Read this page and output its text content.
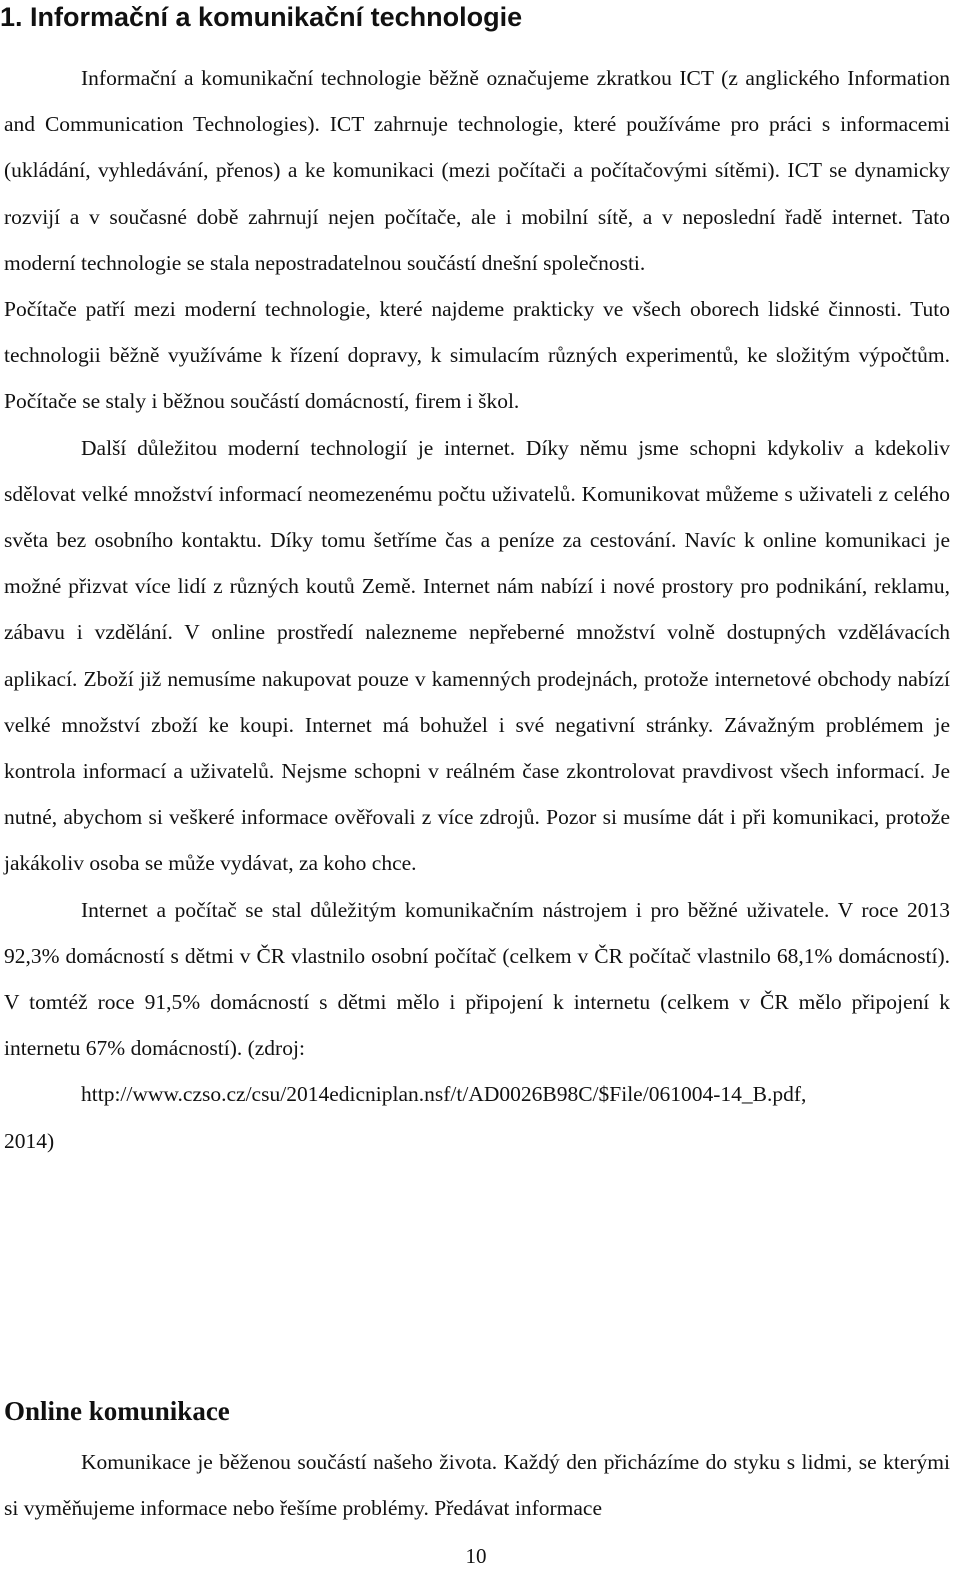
1. Informační a komunikační technologie

Informační a komunikační technologie běžně označujeme zkratkou ICT (z anglického Information and Communication Technologies). ICT zahrnuje technologie, které používáme pro práci s informacemi (ukládání, vyhledávání, přenos) a ke komunikaci (mezi počítači a počítačovými sítěmi). ICT se dynamicky rozvijí a v současné době zahrnují nejen počítače, ale i mobilní sítě, a v neposlední řadě internet. Tato moderní technologie se stala nepostradatelnou součástí dnešní společnosti.

Počítače patří mezi moderní technologie, které najdeme prakticky ve všech oborech lidské činnosti. Tuto technologii běžně využíváme k řízení dopravy, k simulacím různých experimentů, ke složitým výpočtům. Počítače se staly i běžnou součástí domácností, firem i škol.

Další důležitou moderní technologií je internet. Díky němu jsme schopni kdykoliv a kdekoliv sdělovat velké množství informací neomezenému počtu uživatelů. Komunikovat můžeme s uživateli z celého světa bez osobního kontaktu. Díky tomu šetříme čas a peníze za cestování. Navíc k online komunikaci je možné přizvat více lidí z různých koutů Země. Internet nám nabízí i nové prostory pro podnikání, reklamu, zábavu i vzdělání. V online prostředí nalezneme nepřeberné množství volně dostupných vzdělávacích aplikací. Zboží již nemusíme nakupovat pouze v kamenných prodejnách, protože internetové obchody nabízí velké množství zboží ke koupi. Internet má bohužel i své negativní stránky. Závažným problémem je kontrola informací a uživatelů. Nejsme schopni v reálném čase zkontrolovat pravdivost všech informací. Je nutné, abychom si veškeré informace ověřovali z více zdrojů. Pozor si musíme dát i při komunikaci, protože jakákoliv osoba se může vydávat, za koho chce.

Internet a počítač se stal důležitým komunikačním nástrojem i pro běžné uživatele. V roce 2013 92,3% domácností s dětmi v ČR vlastnilo osobní počítač (celkem v ČR počítač vlastnilo 68,1% domácností). V tomtéž roce 91,5% domácností s dětmi mělo i připojení k internetu (celkem v ČR mělo připojení k internetu 67% domácností). (zdroj:
http://www.czso.cz/csu/2014edicniplan.nsf/t/AD0026B98C/$File/061004-14_B.pdf,
2014)

Online komunikace

Komunikace je běženou součástí našeho života. Každý den přicházíme do styku s lidmi, se kterými si vyměňujeme informace nebo řešíme problémy. Předávat informace

10
